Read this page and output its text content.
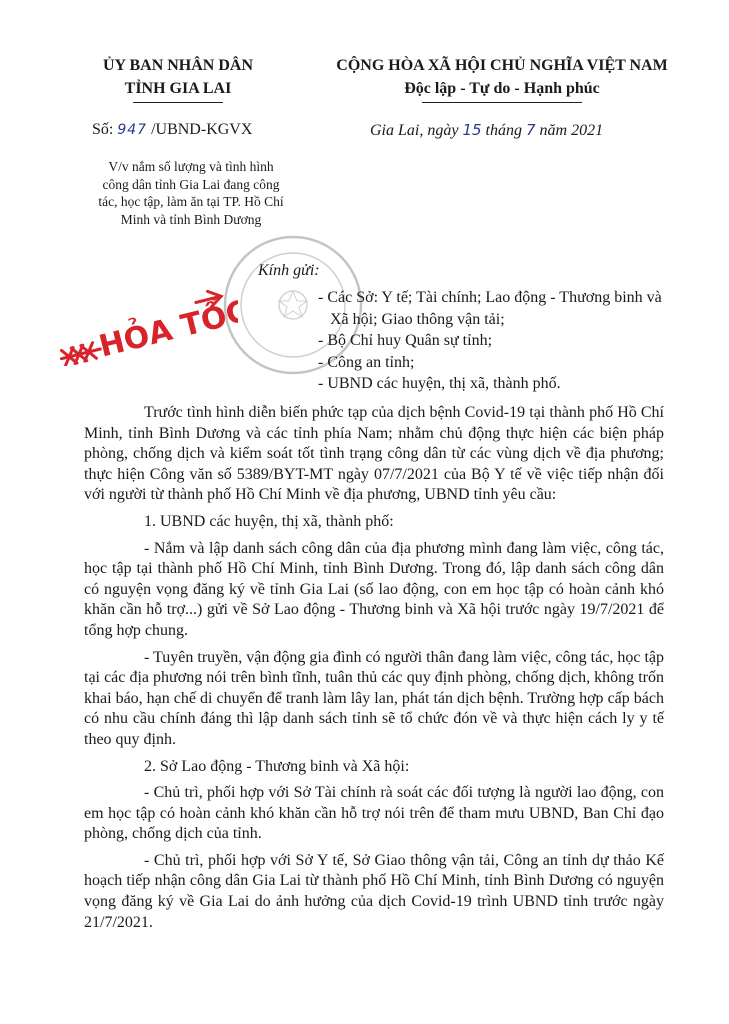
ỦY BAN NHÂN DÂN
TỈNH GIA LAI
CỘNG HÒA XÃ HỘI CHỦ NGHĨA VIỆT NAM
Độc lập - Tự do - Hạnh phúc
Số: 947 /UBND-KGVX	Gia Lai, ngày 15 tháng 7 năm 2021
V/v nắm số lượng và tình hình
công dân tỉnh Gia Lai đang công
tác, học tập, làm ăn tại TP. Hồ Chí
Minh và tỉnh Bình Dương
HỎA TỐC
Kính gửi:
- Các Sở: Y tế; Tài chính; Lao động - Thương binh và Xã hội; Giao thông vận tải;
- Bộ Chỉ huy Quân sự tỉnh;
- Công an tỉnh;
- UBND các huyện, thị xã, thành phố.

Trước tình hình diễn biến phức tạp của dịch bệnh Covid-19 tại thành phố Hồ Chí Minh, tỉnh Bình Dương và các tỉnh phía Nam; nhằm chủ động thực hiện các biện pháp phòng, chống dịch và kiểm soát tốt tình trạng công dân từ các vùng dịch về địa phương; thực hiện Công văn số 5389/BYT-MT ngày 07/7/2021 của Bộ Y tế về việc tiếp nhận đối với người từ thành phố Hồ Chí Minh về địa phương, UBND tỉnh yêu cầu:

1. UBND các huyện, thị xã, thành phố:

- Nắm và lập danh sách công dân của địa phương mình đang làm việc, công tác, học tập tại thành phố Hồ Chí Minh, tỉnh Bình Dương. Trong đó, lập danh sách công dân có nguyện vọng đăng ký về tỉnh Gia Lai (số lao động, con em học tập có hoàn cảnh khó khăn cần hỗ trợ...) gửi về Sở Lao động - Thương binh và Xã hội trước ngày 19/7/2021 để tổng hợp chung.

- Tuyên truyền, vận động gia đình có người thân đang làm việc, công tác, học tập tại các địa phương nói trên bình tĩnh, tuân thủ các quy định phòng, chống dịch, không trốn khai báo, hạn chế di chuyển để tranh làm lây lan, phát tán dịch bệnh. Trường hợp cấp bách có nhu cầu chính đáng thì lập danh sách tỉnh sẽ tổ chức đón về và thực hiện cách ly y tế theo quy định.

2. Sở Lao động - Thương binh và Xã hội:

- Chủ trì, phối hợp với Sở Tài chính rà soát các đối tượng là người lao động, con em học tập có hoàn cảnh khó khăn cần hỗ trợ nói trên để tham mưu UBND, Ban Chỉ đạo phòng, chống dịch của tỉnh.

- Chủ trì, phối hợp với Sở Y tế, Sở Giao thông vận tải, Công an tỉnh dự thảo Kế hoạch tiếp nhận công dân Gia Lai từ thành phố Hồ Chí Minh, tỉnh Bình Dương có nguyện vọng đăng ký về Gia Lai do ảnh hưởng của dịch Covid-19 trình UBND tỉnh trước ngày 21/7/2021.
